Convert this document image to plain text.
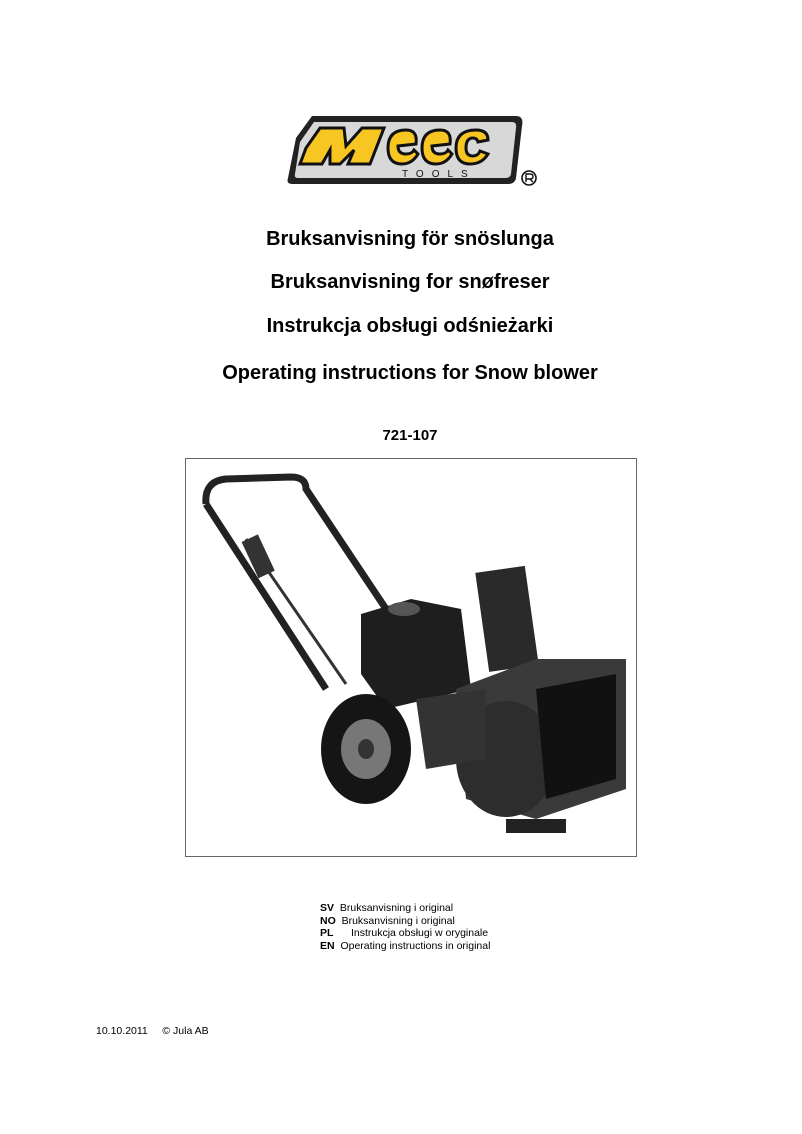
TOOLS
Bruksanvisning för snöslunga
Bruksanvisning for snøfreser
Instrukcja obsługi odśnieżarki
Operating instructions for Snow blower
721-107
SV Bruksanvisning i original
NO Bruksanvisning i original
PL Instrukcja obsługi w oryginale
EN Operating instructions in original
10.10.2011 © Jula AB
